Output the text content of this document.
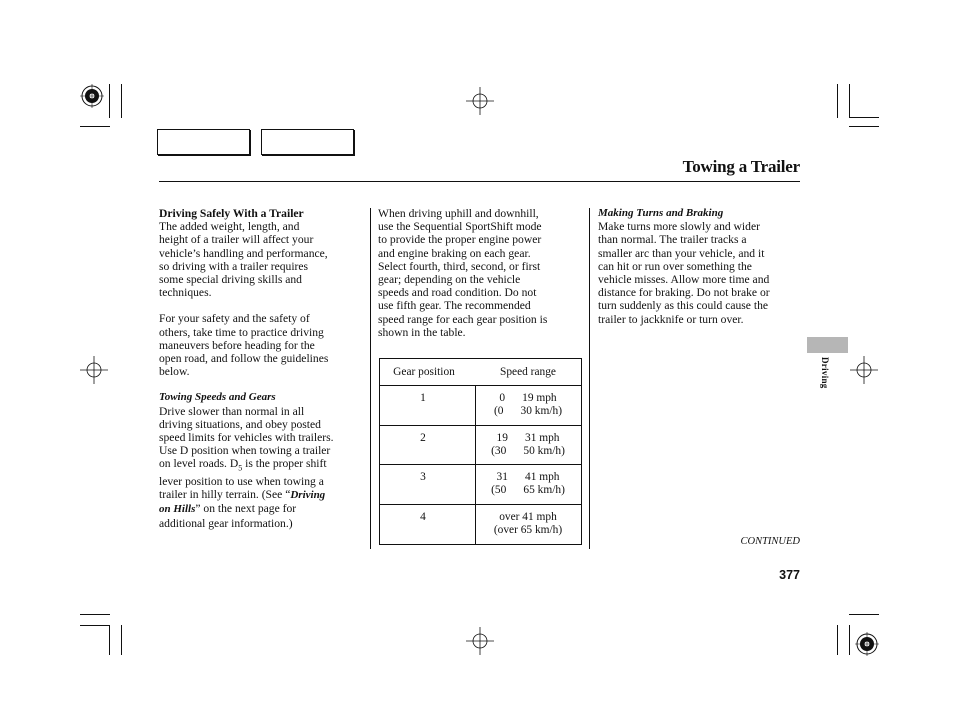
Towing a Trailer

Driving Safely With a Trailer

The added weight, length, and

height of a trailer will affect your

vehicle’s handling and performance,

so driving with a trailer requires

some special driving skills and

techniques.

For your safety and the safety of

others, take time to practice driving

maneuvers before heading for the

open road, and follow the guidelines

below.

Towing Speeds and Gears

Drive slower than normal in all

driving situations, and obey posted

speed limits for vehicles with trailers.

Use D position when towing a trailer

on level roads. $D_5$ is the proper shift

lever position to use when towing a

trailer in hilly terrain. (See “Driving

on Hills” on the next page for

additional gear information.)

When driving uphill and downhill,

use the Sequential SportShift mode

to provide the proper engine power

and engine braking on each gear.

Select fourth, third, second, or first

gear; depending on the vehicle

speeds and road condition. Do not

use fifth gear. The recommended

speed range for each gear position is

shown in the table.

Gear position	Speed range
1	0      19 mph
(0      30 km/h)
2	19      31 mph
(30      50 km/h)
3	31      41 mph
(50      65 km/h)
4	over 41 mph
(over 65 km/h)

Making Turns and Braking

Make turns more slowly and wider

than normal. The trailer tracks a

smaller arc than your vehicle, and it

can hit or run over something the

vehicle misses. Allow more time and

distance for braking. Do not brake or

turn suddenly as this could cause the

trailer to jackknife or turn over.

Driving
CONTINUED
377
